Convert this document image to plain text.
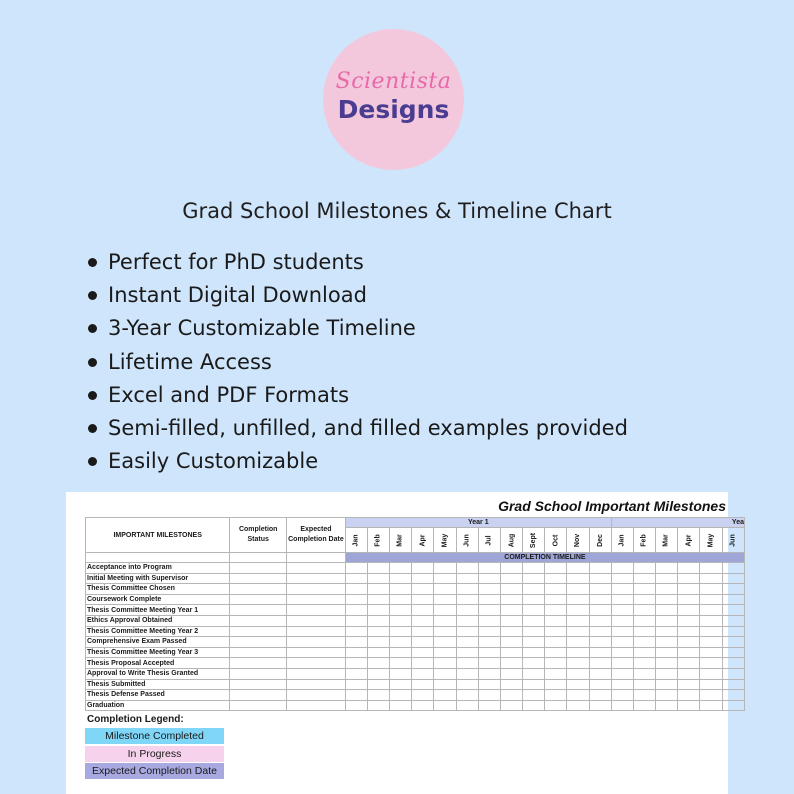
Scientista
Designs
Grad School Milestones & Timeline Chart
Perfect for PhD students
Instant Digital Download
3-Year Customizable Timeline
Lifetime Access
Excel and PDF Formats
Semi-filled, unfilled, and filled examples provided
Easily Customizable
Grad School Important Milestones
IMPORTANT MILESTONES	Completion Status	Expected Completion Date	Year 1												Yea					
			Jan	Feb	Mar	Apr	May	Jun	Jul	Aug	Sept	Oct	Nov	Dec	Jan	Feb	Mar	Apr	May	Jun
			COMPLETION TIMELINE																	
Acceptance into Program																				
Initial Meeting with Supervisor																				
Thesis Committee Chosen																				
Coursework Complete																				
Thesis Committee Meeting Year 1																				
Ethics Approval Obtained																				
Thesis Committee Meeting Year 2																				
Comprehensive Exam Passed																				
Thesis Committee Meeting Year 3																				
Thesis Proposal Accepted																				
Approval to Write Thesis Granted																				
Thesis Submitted																				
Thesis Defense Passed																				
Graduation																				
Completion Legend:
Milestone Completed
In Progress
Expected Completion Date
